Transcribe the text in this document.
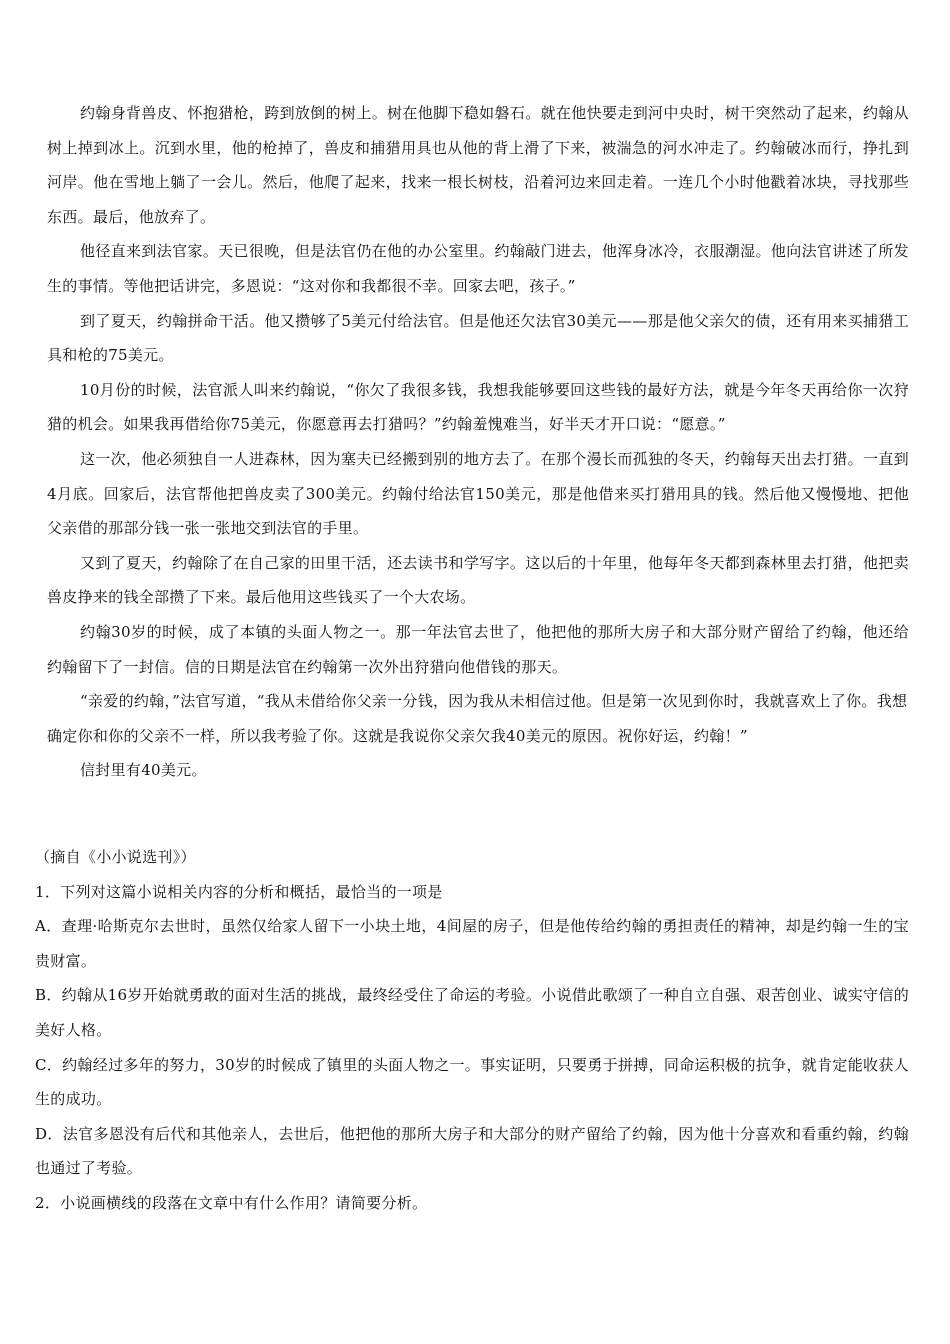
约翰身背兽皮、怀抱猎枪，跨到放倒的树上。树在他脚下稳如磐石。就在他快要走到河中央时，树干突然动了起来，约翰从树上掉到冰上。沉到水里，他的枪掉了，兽皮和捕猎用具也从他的背上滑了下来，被湍急的河水冲走了。约翰破冰而行，挣扎到河岸。他在雪地上躺了一会儿。然后，他爬了起来，找来一根长树枝，沿着河边来回走着。一连几个小时他戳着冰块，寻找那些东西。最后，他放弃了。

他径直来到法官家。天已很晚，但是法官仍在他的办公室里。约翰敲门进去，他浑身冰冷，衣服潮湿。他向法官讲述了所发生的事情。等他把话讲完，多恩说：“这对你和我都很不幸。回家去吧，孩子。”

到了夏天，约翰拼命干活。他又攒够了5美元付给法官。但是他还欠法官30美元——那是他父亲欠的债，还有用来买捕猎工具和枪的75美元。

10月份的时候，法官派人叫来约翰说，“你欠了我很多钱，我想我能够要回这些钱的最好方法，就是今年冬天再给你一次狩猎的机会。如果我再借给你75美元，你愿意再去打猎吗？”约翰羞愧难当，好半天才开口说：“愿意。”

这一次，他必须独自一人进森林，因为塞夫已经搬到别的地方去了。在那个漫长而孤独的冬天，约翰每天出去打猎。一直到4月底。回家后，法官帮他把兽皮卖了300美元。约翰付给法官150美元，那是他借来买打猎用具的钱。然后他又慢慢地、把他父亲借的那部分钱一张一张地交到法官的手里。

又到了夏天，约翰除了在自己家的田里干活，还去读书和学写字。这以后的十年里，他每年冬天都到森林里去打猎，他把卖兽皮挣来的钱全部攒了下来。最后他用这些钱买了一个大农场。

约翰30岁的时候，成了本镇的头面人物之一。那一年法官去世了，他把他的那所大房子和大部分财产留给了约翰，他还给约翰留下了一封信。信的日期是法官在约翰第一次外出狩猎向他借钱的那天。

“亲爱的约翰，”法官写道，“我从未借给你父亲一分钱，因为我从未相信过他。但是第一次见到你时，我就喜欢上了你。我想确定你和你的父亲不一样，所以我考验了你。这就是我说你父亲欠我40美元的原因。祝你好运，约翰！”

信封里有40美元。

（摘自《小小说选刊》）

1．下列对这篇小说相关内容的分析和概括，最恰当的一项是

A．查理·哈斯克尔去世时，虽然仅给家人留下一小块土地，4间屋的房子，但是他传给约翰的勇担责任的精神，却是约翰一生的宝贵财富。

B．约翰从16岁开始就勇敢的面对生活的挑战，最终经受住了命运的考验。小说借此歌颂了一种自立自强、艰苦创业、诚实守信的美好人格。

C．约翰经过多年的努力，30岁的时候成了镇里的头面人物之一。事实证明，只要勇于拼搏，同命运积极的抗争，就肯定能收获人生的成功。

D．法官多恩没有后代和其他亲人，去世后，他把他的那所大房子和大部分的财产留给了约翰，因为他十分喜欢和看重约翰，约翰也通过了考验。

2．小说画横线的段落在文章中有什么作用？请简要分析。
